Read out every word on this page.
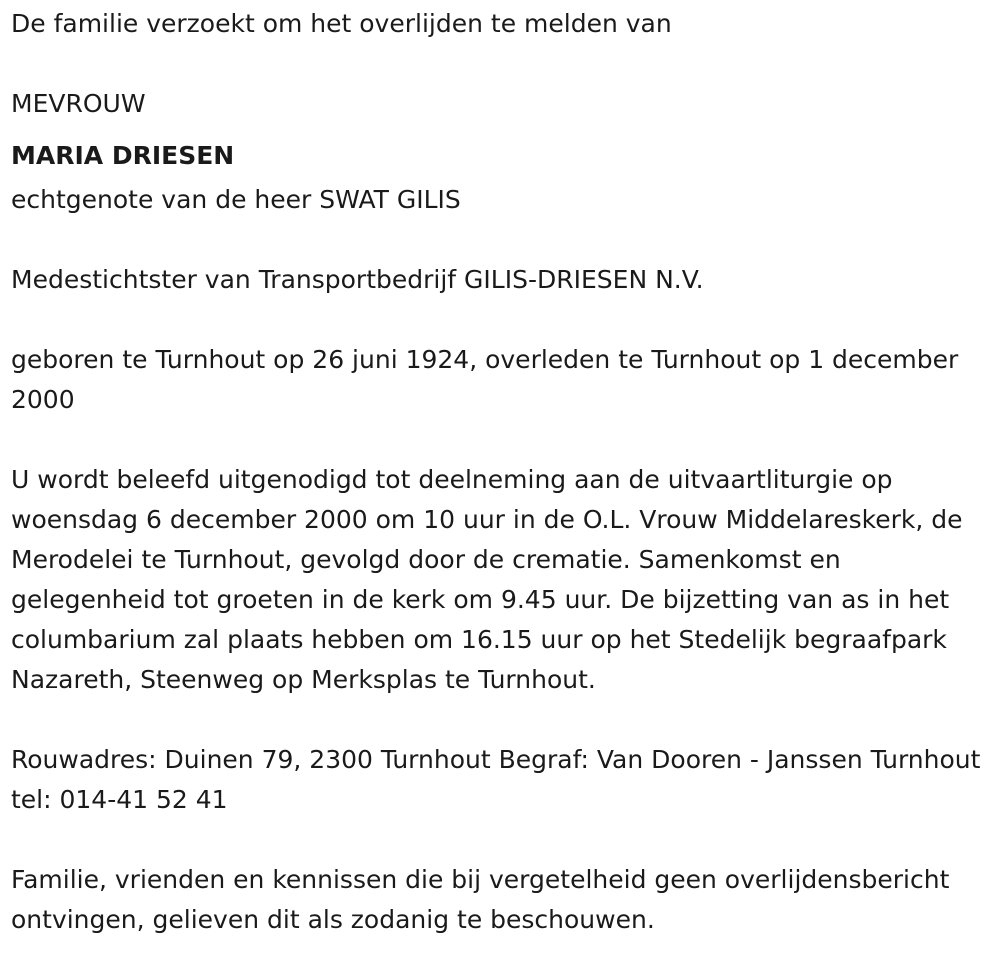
De familie verzoekt om het overlijden te melden van

MEVROUW

MARIA DRIESEN

echtgenote van de heer SWAT GILIS

Medestichtster van Transportbedrijf GILIS-DRIESEN N.V.

geboren te Turnhout op 26 juni 1924, overleden te Turnhout op 1 december 2000

U wordt beleefd uitgenodigd tot deelneming aan de uitvaartliturgie op woensdag 6 december 2000 om 10 uur in de O.L. Vrouw Middelareskerk, de Merodelei te Turnhout, gevolgd door de crematie. Samenkomst en gelegenheid tot groeten in de kerk om 9.45 uur. De bijzetting van as in het columbarium zal plaats hebben om 16.15 uur op het Stedelijk begraafpark Nazareth, Steenweg op Merksplas te Turnhout.

Rouwadres: Duinen 79, 2300 Turnhout Begraf: Van Dooren - Janssen Turnhout tel: 014-41 52 41

Familie, vrienden en kennissen die bij vergetelheid geen overlijdensbericht ontvingen, gelieven dit als zodanig te beschouwen.
